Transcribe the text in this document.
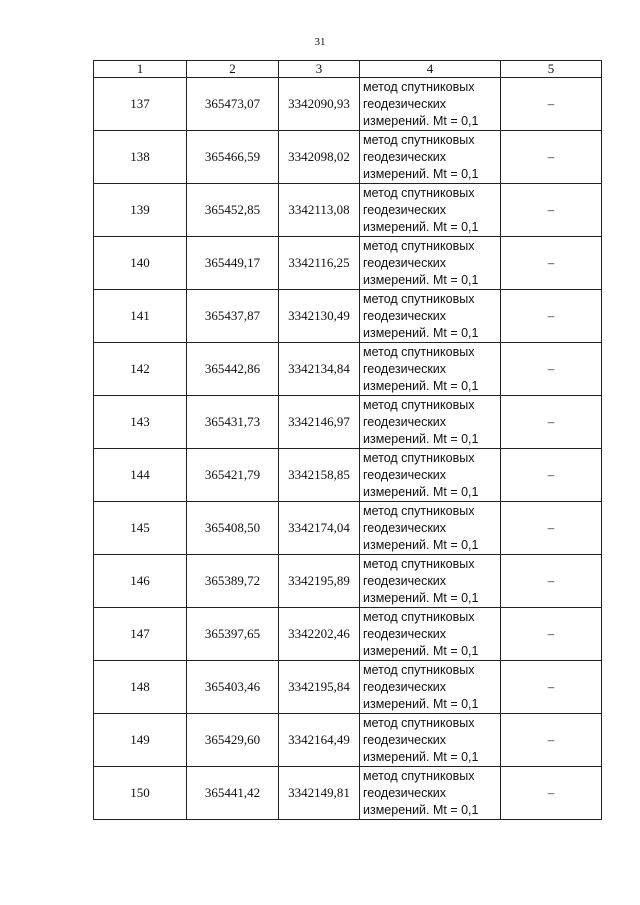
31
1	2	3	4	5
137	365473,07	3342090,93	метод спутниковых
геодезических
измерений. Mt = 0,1	–
138	365466,59	3342098,02	метод спутниковых
геодезических
измерений. Mt = 0,1	–
139	365452,85	3342113,08	метод спутниковых
геодезических
измерений. Mt = 0,1	–
140	365449,17	3342116,25	метод спутниковых
геодезических
измерений. Mt = 0,1	–
141	365437,87	3342130,49	метод спутниковых
геодезических
измерений. Mt = 0,1	–
142	365442,86	3342134,84	метод спутниковых
геодезических
измерений. Mt = 0,1	–
143	365431,73	3342146,97	метод спутниковых
геодезических
измерений. Mt = 0,1	–
144	365421,79	3342158,85	метод спутниковых
геодезических
измерений. Mt = 0,1	–
145	365408,50	3342174,04	метод спутниковых
геодезических
измерений. Mt = 0,1	–
146	365389,72	3342195,89	метод спутниковых
геодезических
измерений. Mt = 0,1	–
147	365397,65	3342202,46	метод спутниковых
геодезических
измерений. Mt = 0,1	–
148	365403,46	3342195,84	метод спутниковых
геодезических
измерений. Mt = 0,1	–
149	365429,60	3342164,49	метод спутниковых
геодезических
измерений. Mt = 0,1	–
150	365441,42	3342149,81	метод спутниковых
геодезических
измерений. Mt = 0,1	–
